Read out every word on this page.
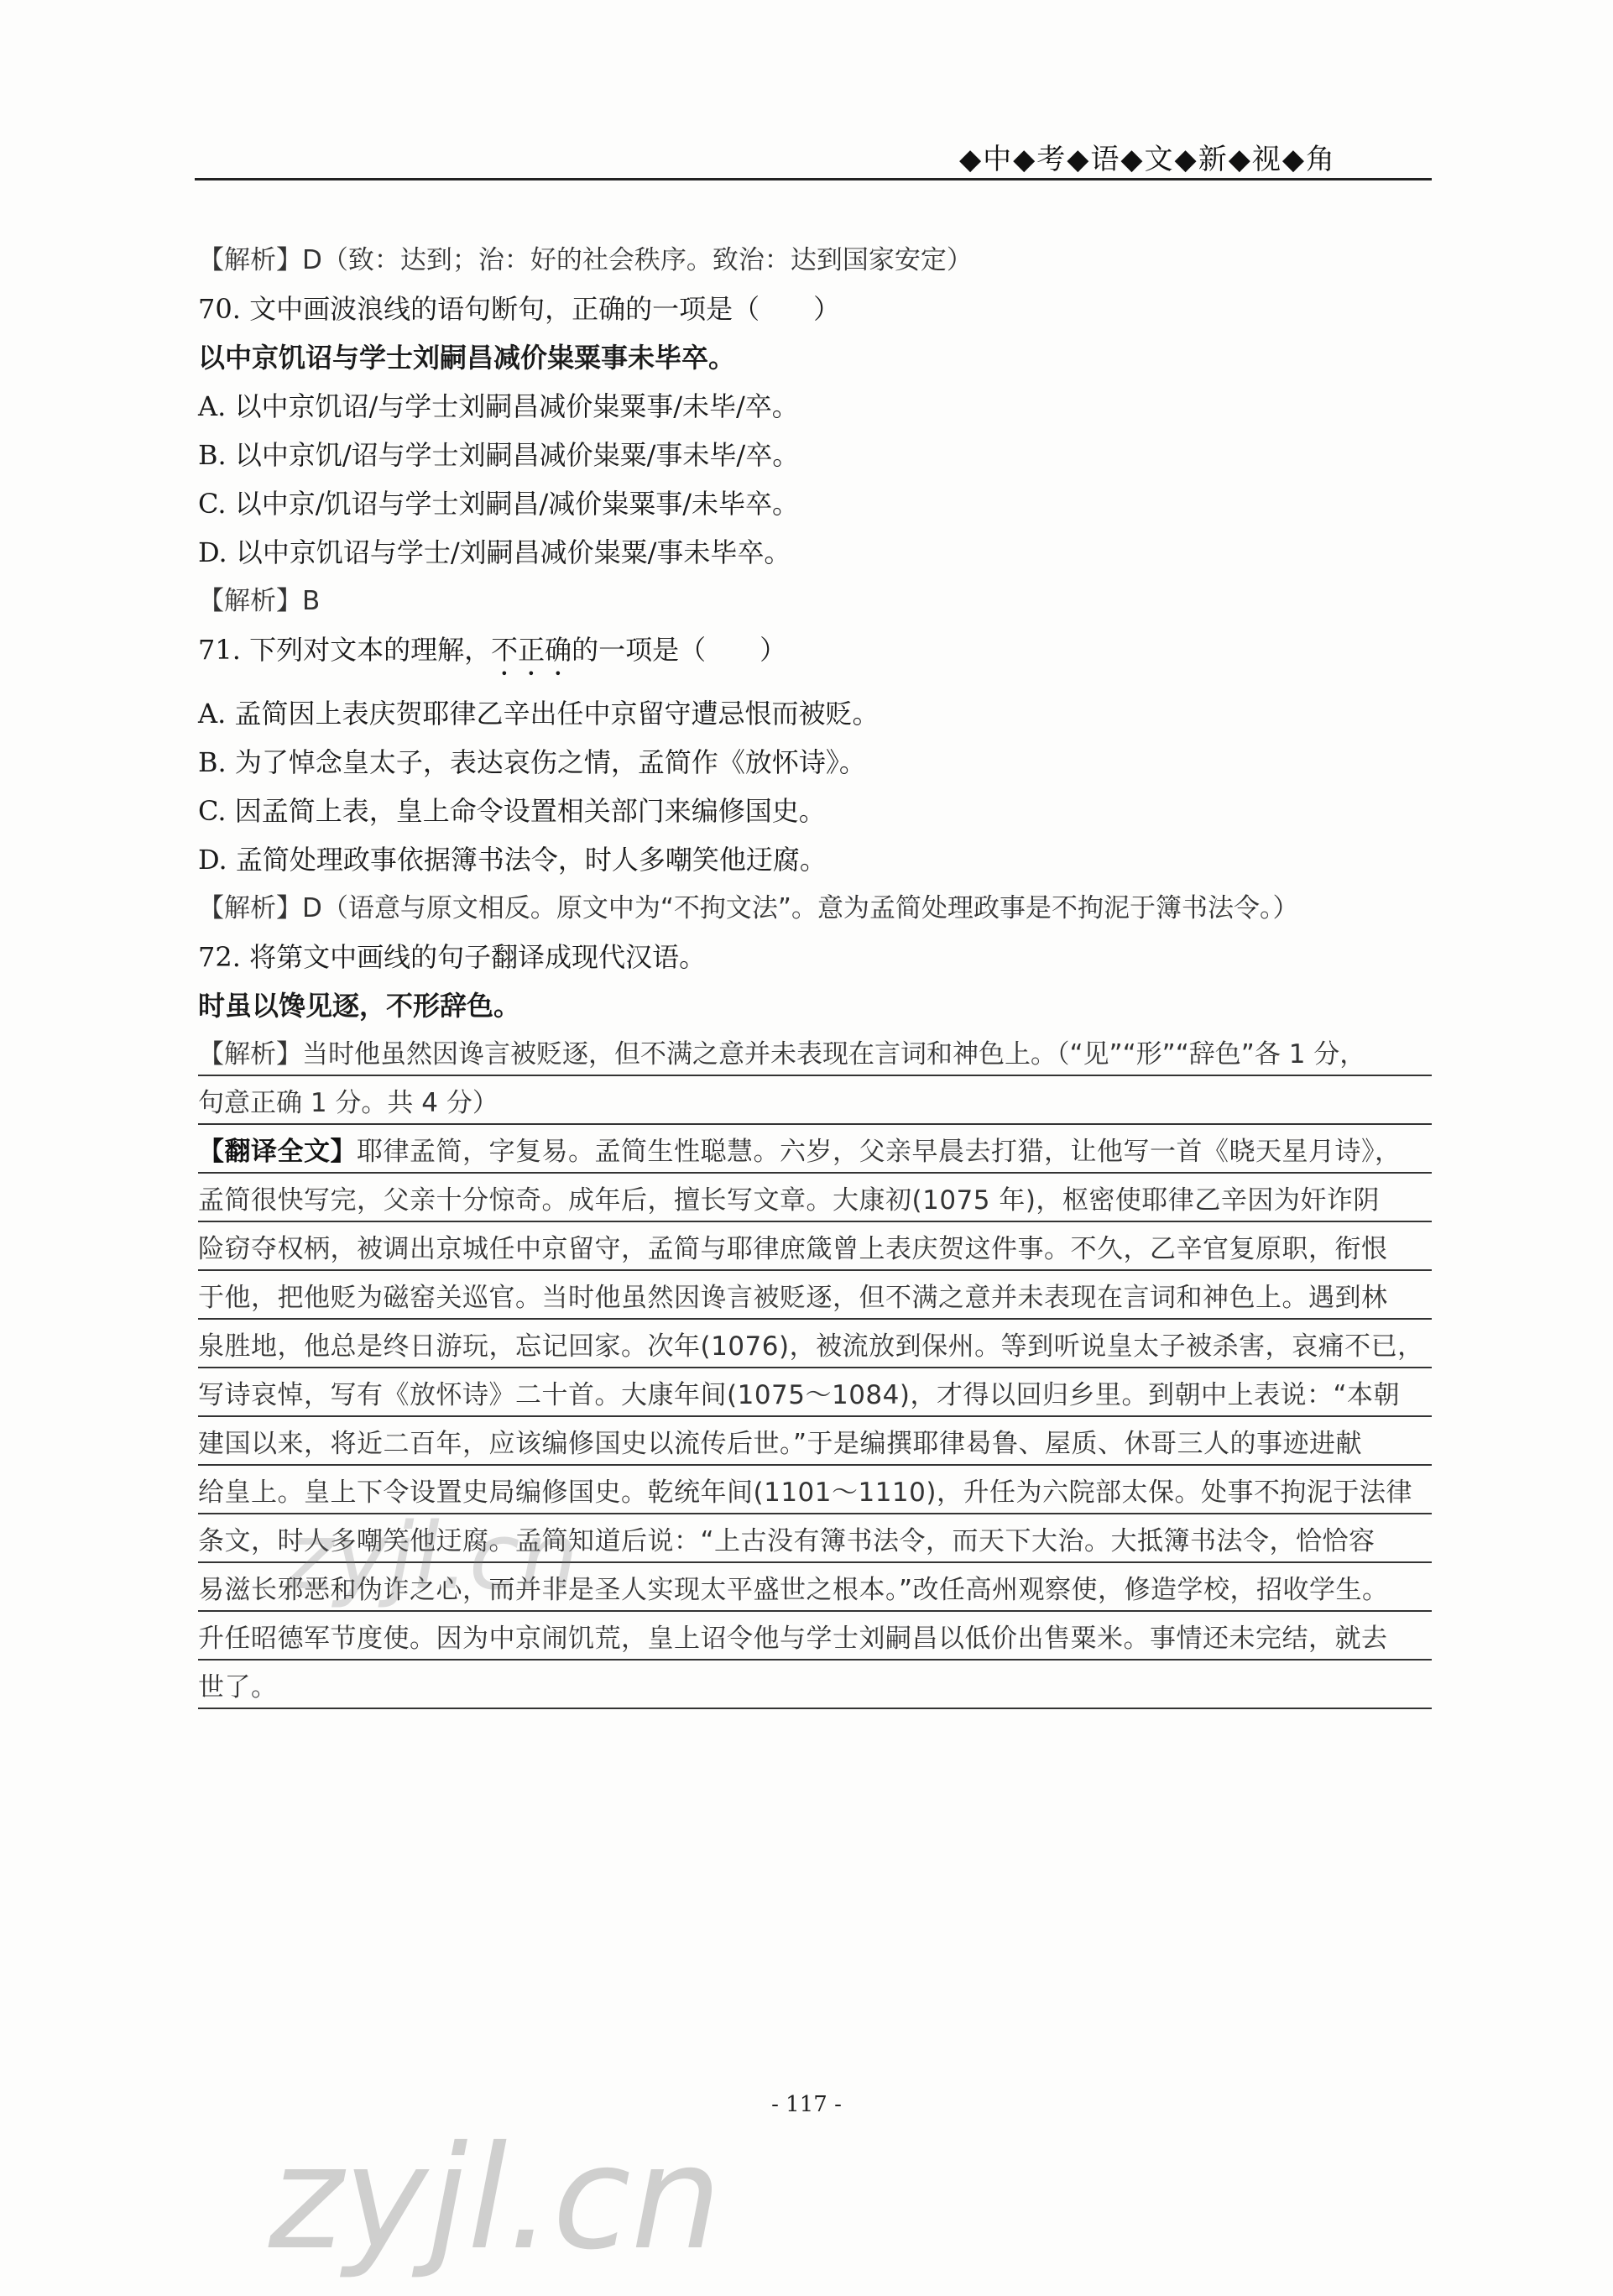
◆中◆考◆语◆文◆新◆视◆角
【解析】D（致：达到；治：好的社会秩序。致治：达到国家安定）
70. 文中画波浪线的语句断句，正确的一项是（　　）
以中京饥诏与学士刘嗣昌减价粜粟事未毕卒。
A. 以中京饥诏/与学士刘嗣昌减价粜粟事/未毕/卒。
B. 以中京饥/诏与学士刘嗣昌减价粜粟/事未毕/卒。
C. 以中京/饥诏与学士刘嗣昌/减价粜粟事/未毕卒。
D. 以中京饥诏与学士/刘嗣昌减价粜粟/事未毕卒。
【解析】B
71. 下列对文本的理解，不正确的一项是（　　）
A. 孟简因上表庆贺耶律乙辛出任中京留守遭忌恨而被贬。
B. 为了悼念皇太子，表达哀伤之情，孟简作《放怀诗》。
C. 因孟简上表，皇上命令设置相关部门来编修国史。
D. 孟简处理政事依据簿书法令，时人多嘲笑他迂腐。
【解析】D（语意与原文相反。原文中为“不拘文法”。意为孟简处理政事是不拘泥于簿书法令。）
72. 将第文中画线的句子翻译成现代汉语。
时虽以馋见逐，不形辞色。
【解析】当时他虽然因谗言被贬逐，但不满之意并未表现在言词和神色上。（“见”“形”“辞色”各 1 分，
句意正确 1 分。共 4 分）
【翻译全文】耶律孟简，字复易。孟简生性聪慧。六岁，父亲早晨去打猎，让他写一首《晓天星月诗》，
孟简很快写完，父亲十分惊奇。成年后，擅长写文章。大康初(1075 年)，枢密使耶律乙辛因为奸诈阴
险窃夺权柄，被调出京城任中京留守，孟简与耶律庶箴曾上表庆贺这件事。不久，乙辛官复原职，衔恨
于他，把他贬为磁窑关巡官。当时他虽然因谗言被贬逐，但不满之意并未表现在言词和神色上。遇到林
泉胜地，他总是终日游玩，忘记回家。次年(1076)，被流放到保州。等到听说皇太子被杀害，哀痛不已，
写诗哀悼，写有《放怀诗》二十首。大康年间(1075～1084)，才得以回归乡里。到朝中上表说：“本朝
建国以来，将近二百年，应该编修国史以流传后世。”于是编撰耶律曷鲁、屋质、休哥三人的事迹进献
给皇上。皇上下令设置史局编修国史。乾统年间(1101～1110)，升任为六院部太保。处事不拘泥于法律
条文，时人多嘲笑他迂腐。孟简知道后说：“上古没有簿书法令，而天下大治。大抵簿书法令，恰恰容
易滋长邪恶和伪诈之心，而并非是圣人实现太平盛世之根本。”改任高州观察使，修造学校，招收学生。
升任昭德军节度使。因为中京闹饥荒，皇上诏令他与学士刘嗣昌以低价出售粟米。事情还未完结，就去
世了。
zyjl.cn
- 117 -
zyjl.cn
